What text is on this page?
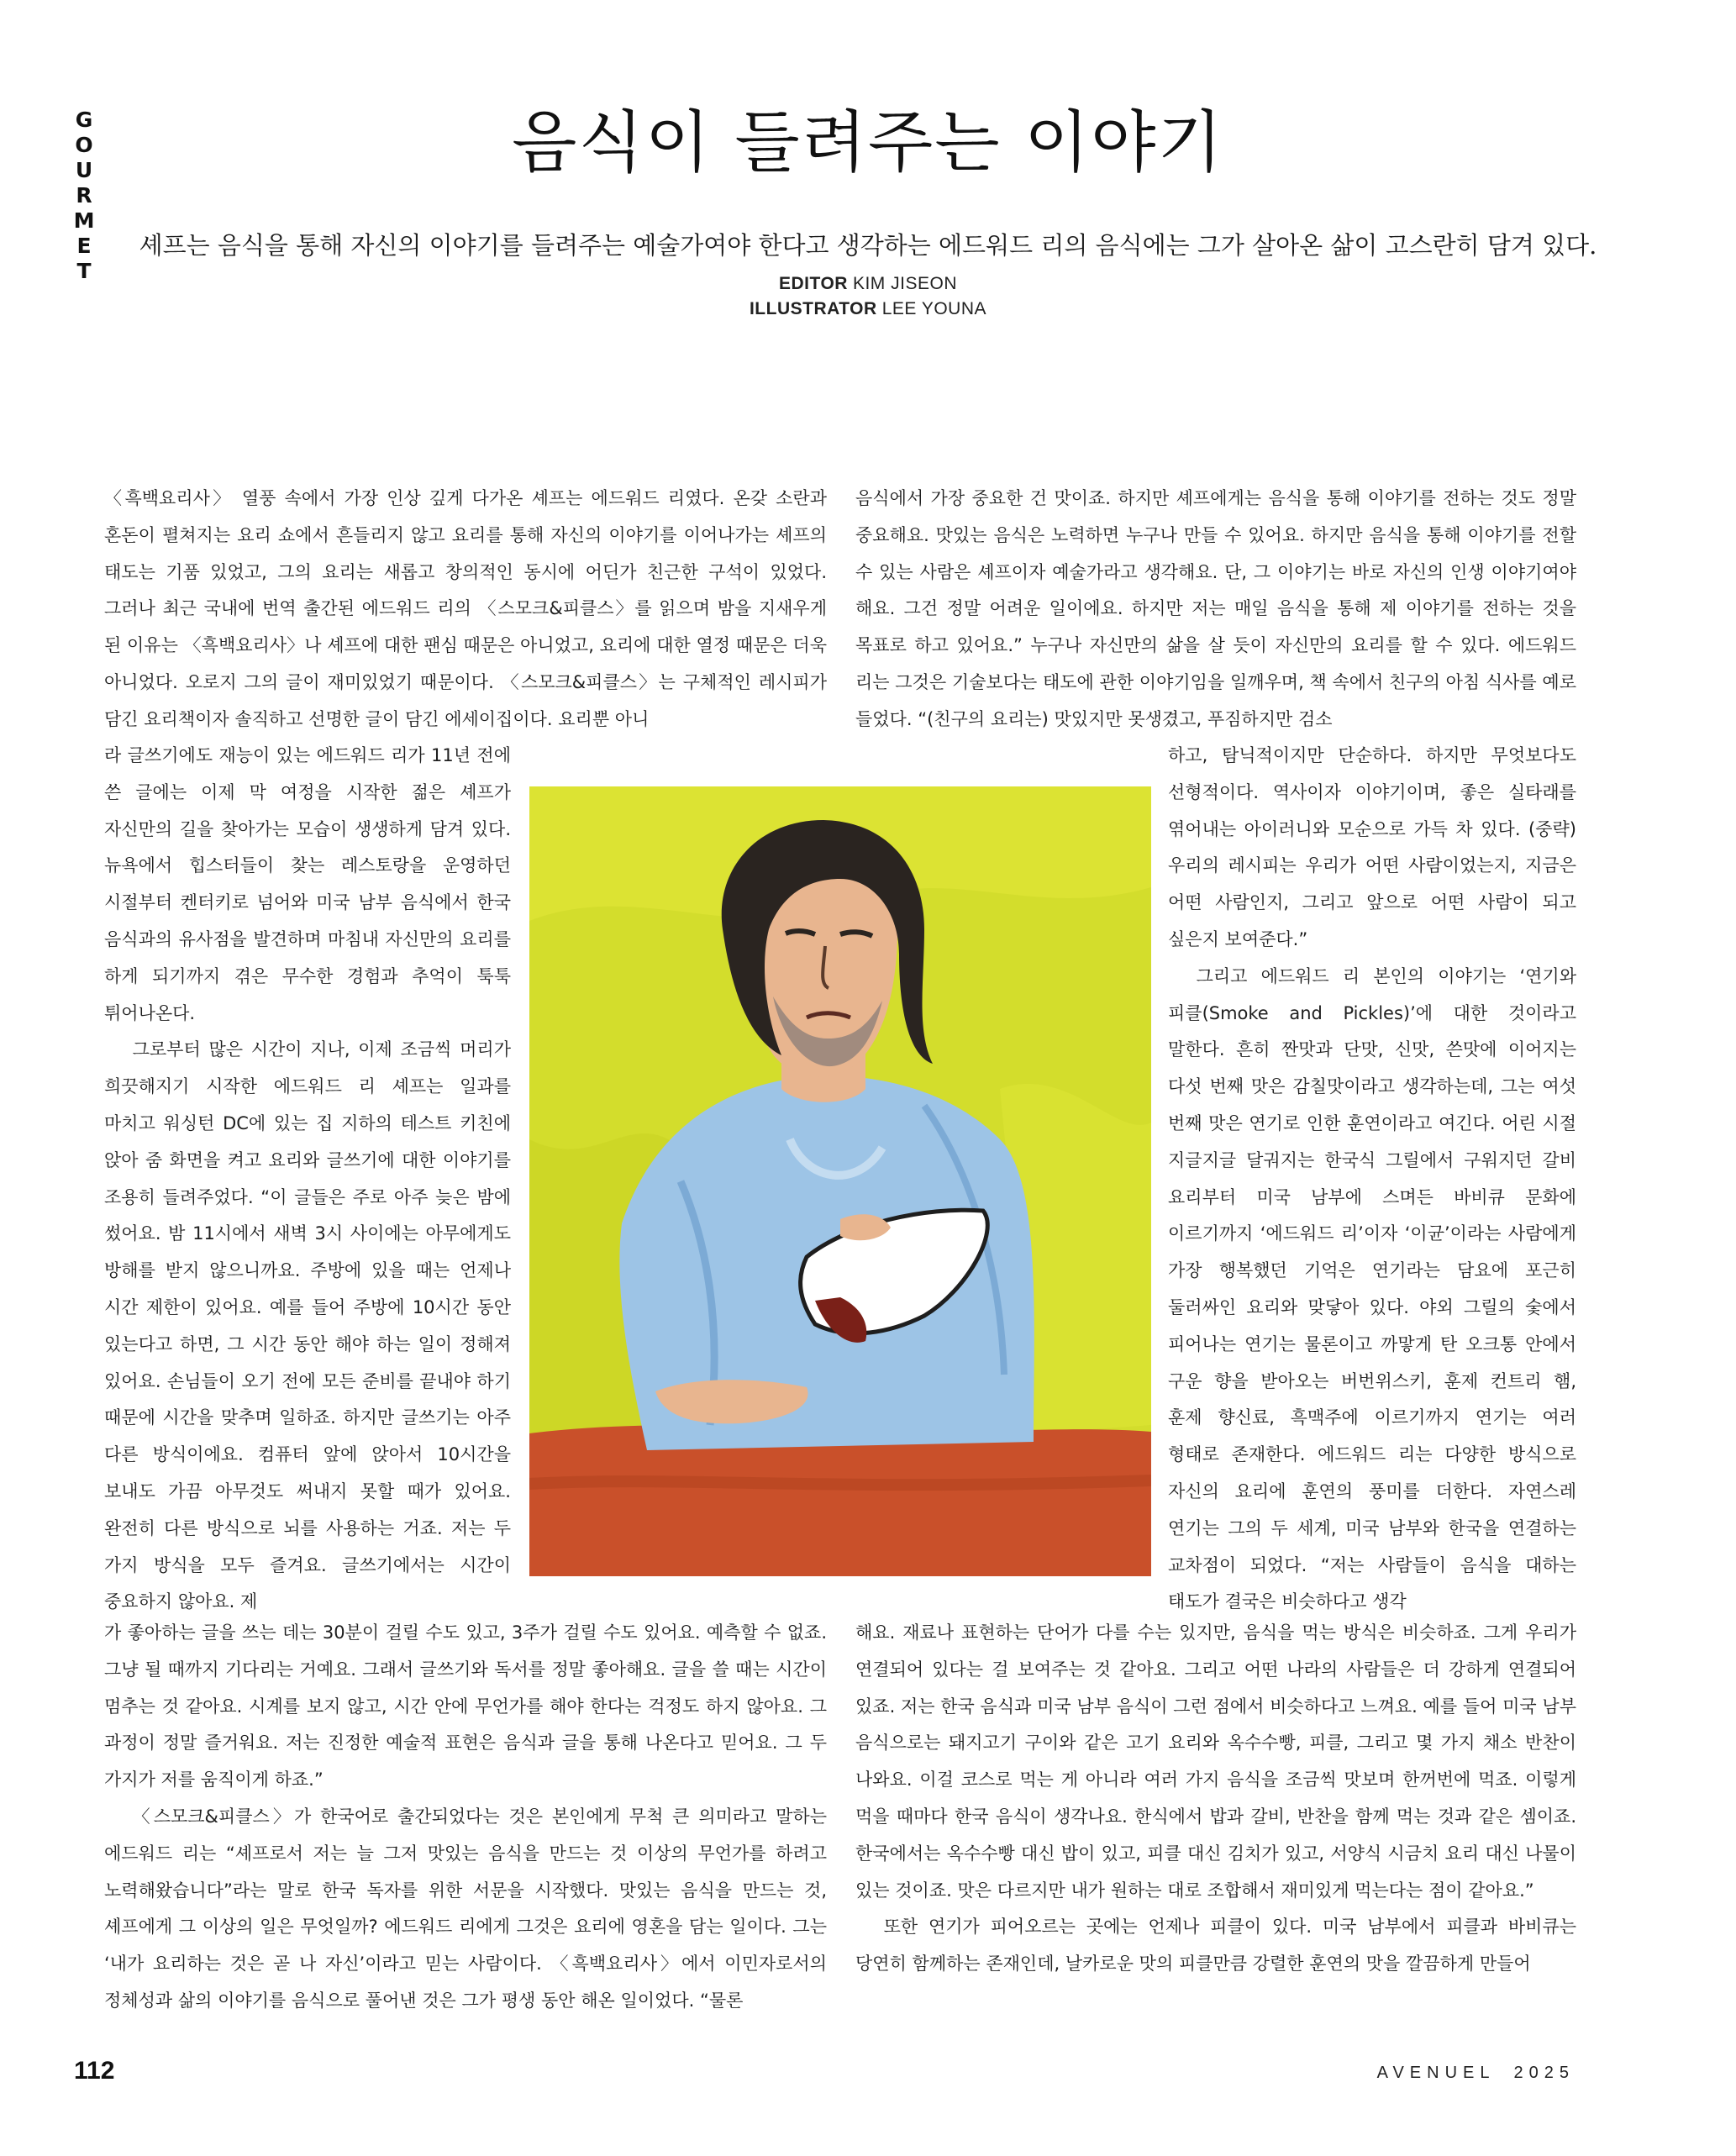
G
O
U
R
M
E
T
음식이 들려주는 이야기
셰프는 음식을 통해 자신의 이야기를 들려주는 예술가여야 한다고 생각하는 에드워드 리의 음식에는 그가 살아온 삶이 고스란히 담겨 있다.
EDITOR KIM JISEON
ILLUSTRATOR LEE YOUNA

〈흑백요리사〉 열풍 속에서 가장 인상 깊게 다가온 셰프는 에드워드 리였다. 온갖 소란과 혼돈이 펼쳐지는 요리 쇼에서 흔들리지 않고 요리를 통해 자신의 이야기를 이어나가는 셰프의 태도는 기품 있었고, 그의 요리는 새롭고 창의적인 동시에 어딘가 친근한 구석이 있었다. 그러나 최근 국내에 번역 출간된 에드워드 리의 〈스모크&피클스〉를 읽으며 밤을 지새우게 된 이유는 〈흑백요리사〉나 셰프에 대한 팬심 때문은 아니었고, 요리에 대한 열정 때문은 더욱 아니었다. 오로지 그의 글이 재미있었기 때문이다. 〈스모크&피클스〉는 구체적인 레시피가 담긴 요리책이자 솔직하고 선명한 글이 담긴 에세이집이다. 요리뿐 아니

라 글쓰기에도 재능이 있는 에드워드 리가 11년 전에 쓴 글에는 이제 막 여정을 시작한 젊은 셰프가 자신만의 길을 찾아가는 모습이 생생하게 담겨 있다. 뉴욕에서 힙스터들이 찾는 레스토랑을 운영하던 시절부터 켄터키로 넘어와 미국 남부 음식에서 한국 음식과의 유사점을 발견하며 마침내 자신만의 요리를 하게 되기까지 겪은 무수한 경험과 추억이 툭툭 튀어나온다.

그로부터 많은 시간이 지나, 이제 조금씩 머리가 희끗해지기 시작한 에드워드 리 셰프는 일과를 마치고 워싱턴 DC에 있는 집 지하의 테스트 키친에 앉아 줌 화면을 켜고 요리와 글쓰기에 대한 이야기를 조용히 들려주었다. “이 글들은 주로 아주 늦은 밤에 썼어요. 밤 11시에서 새벽 3시 사이에는 아무에게도 방해를 받지 않으니까요. 주방에 있을 때는 언제나 시간 제한이 있어요. 예를 들어 주방에 10시간 동안 있는다고 하면, 그 시간 동안 해야 하는 일이 정해져 있어요. 손님들이 오기 전에 모든 준비를 끝내야 하기 때문에 시간을 맞추며 일하죠. 하지만 글쓰기는 아주 다른 방식이에요. 컴퓨터 앞에 앉아서 10시간을 보내도 가끔 아무것도 써내지 못할 때가 있어요. 완전히 다른 방식으로 뇌를 사용하는 거죠. 저는 두 가지 방식을 모두 즐겨요. 글쓰기에서는 시간이 중요하지 않아요. 제

가 좋아하는 글을 쓰는 데는 30분이 걸릴 수도 있고, 3주가 걸릴 수도 있어요. 예측할 수 없죠. 그냥 될 때까지 기다리는 거예요. 그래서 글쓰기와 독서를 정말 좋아해요. 글을 쓸 때는 시간이 멈추는 것 같아요. 시계를 보지 않고, 시간 안에 무언가를 해야 한다는 걱정도 하지 않아요. 그 과정이 정말 즐거워요. 저는 진정한 예술적 표현은 음식과 글을 통해 나온다고 믿어요. 그 두 가지가 저를 움직이게 하죠.”

〈스모크&피클스〉가 한국어로 출간되었다는 것은 본인에게 무척 큰 의미라고 말하는 에드워드 리는 “셰프로서 저는 늘 그저 맛있는 음식을 만드는 것 이상의 무언가를 하려고 노력해왔습니다”라는 말로 한국 독자를 위한 서문을 시작했다. 맛있는 음식을 만드는 것, 셰프에게 그 이상의 일은 무엇일까? 에드워드 리에게 그것은 요리에 영혼을 담는 일이다. 그는 ‘내가 요리하는 것은 곧 나 자신’이라고 믿는 사람이다. 〈흑백요리사〉에서 이민자로서의 정체성과 삶의 이야기를 음식으로 풀어낸 것은 그가 평생 동안 해온 일이었다. “물론

음식에서 가장 중요한 건 맛이죠. 하지만 셰프에게는 음식을 통해 이야기를 전하는 것도 정말 중요해요. 맛있는 음식은 노력하면 누구나 만들 수 있어요. 하지만 음식을 통해 이야기를 전할 수 있는 사람은 셰프이자 예술가라고 생각해요. 단, 그 이야기는 바로 자신의 인생 이야기여야 해요. 그건 정말 어려운 일이에요. 하지만 저는 매일 음식을 통해 제 이야기를 전하는 것을 목표로 하고 있어요.” 누구나 자신만의 삶을 살 듯이 자신만의 요리를 할 수 있다. 에드워드 리는 그것은 기술보다는 태도에 관한 이야기임을 일깨우며, 책 속에서 친구의 아침 식사를 예로 들었다. “(친구의 요리는) 맛있지만 못생겼고, 푸짐하지만 검소

하고, 탐닉적이지만 단순하다. 하지만 무엇보다도 선형적이다. 역사이자 이야기이며, 좋은 실타래를 엮어내는 아이러니와 모순으로 가득 차 있다. (중략) 우리의 레시피는 우리가 어떤 사람이었는지, 지금은 어떤 사람인지, 그리고 앞으로 어떤 사람이 되고 싶은지 보여준다.”

그리고 에드워드 리 본인의 이야기는 ‘연기와 피클(Smoke and Pickles)’에 대한 것이라고 말한다. 흔히 짠맛과 단맛, 신맛, 쓴맛에 이어지는 다섯 번째 맛은 감칠맛이라고 생각하는데, 그는 여섯 번째 맛은 연기로 인한 훈연이라고 여긴다. 어린 시절 지글지글 달궈지는 한국식 그릴에서 구워지던 갈비 요리부터 미국 남부에 스며든 바비큐 문화에 이르기까지 ‘에드워드 리’이자 ‘이균’이라는 사람에게 가장 행복했던 기억은 연기라는 담요에 포근히 둘러싸인 요리와 맞닿아 있다. 야외 그릴의 숯에서 피어나는 연기는 물론이고 까맣게 탄 오크통 안에서 구운 향을 받아오는 버번위스키, 훈제 컨트리 햄, 훈제 향신료, 흑맥주에 이르기까지 연기는 여러 형태로 존재한다. 에드워드 리는 다양한 방식으로 자신의 요리에 훈연의 풍미를 더한다. 자연스레 연기는 그의 두 세계, 미국 남부와 한국을 연결하는 교차점이 되었다. “저는 사람들이 음식을 대하는 태도가 결국은 비슷하다고 생각

해요. 재료나 표현하는 단어가 다를 수는 있지만, 음식을 먹는 방식은 비슷하죠. 그게 우리가 연결되어 있다는 걸 보여주는 것 같아요. 그리고 어떤 나라의 사람들은 더 강하게 연결되어 있죠. 저는 한국 음식과 미국 남부 음식이 그런 점에서 비슷하다고 느껴요. 예를 들어 미국 남부 음식으로는 돼지고기 구이와 같은 고기 요리와 옥수수빵, 피클, 그리고 몇 가지 채소 반찬이 나와요. 이걸 코스로 먹는 게 아니라 여러 가지 음식을 조금씩 맛보며 한꺼번에 먹죠. 이렇게 먹을 때마다 한국 음식이 생각나요. 한식에서 밥과 갈비, 반찬을 함께 먹는 것과 같은 셈이죠. 한국에서는 옥수수빵 대신 밥이 있고, 피클 대신 김치가 있고, 서양식 시금치 요리 대신 나물이 있는 것이죠. 맛은 다르지만 내가 원하는 대로 조합해서 재미있게 먹는다는 점이 같아요.”

또한 연기가 피어오르는 곳에는 언제나 피클이 있다. 미국 남부에서 피클과 바비큐는 당연히 함께하는 존재인데, 날카로운 맛의 피클만큼 강렬한 훈연의 맛을 깔끔하게 만들어

112	AVENUEL 2025
